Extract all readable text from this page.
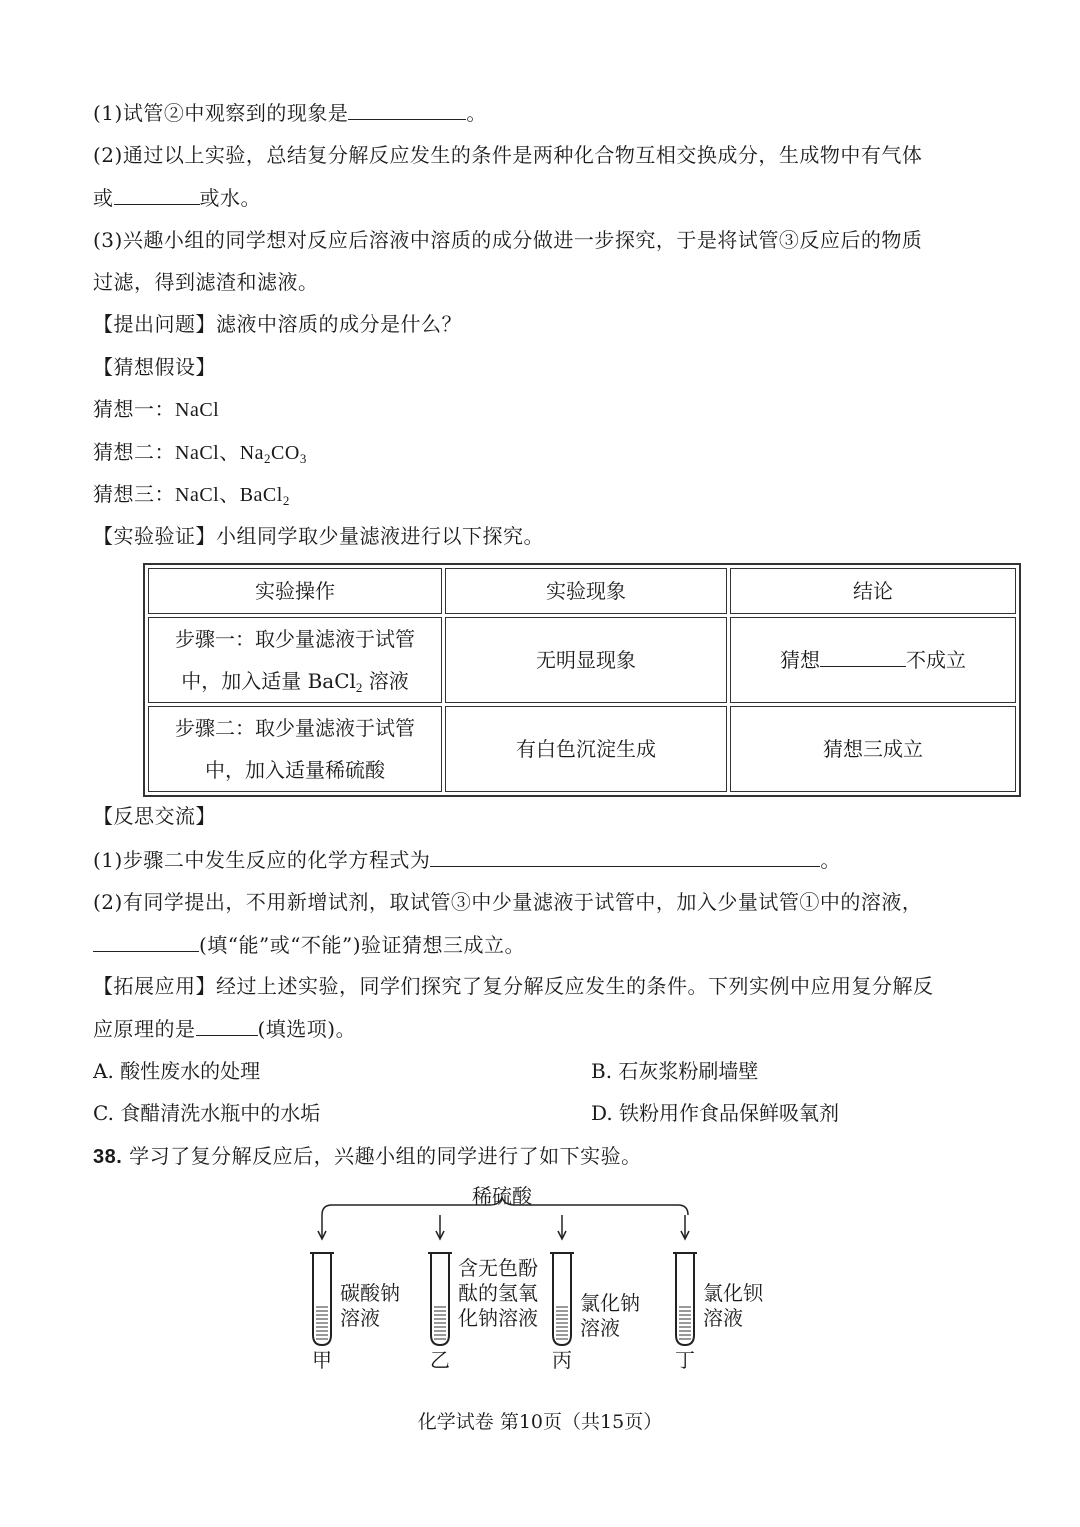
(1)试管②中观察到的现象是	。
(2)通过以上实验，总结复分解反应发生的条件是两种化合物互相交换成分，生成物中有气体
或	或水。
(3)兴趣小组的同学想对反应后溶液中溶质的成分做进一步探究，于是将试管③反应后的物质
过滤，得到滤渣和滤液。
【提出问题】滤液中溶质的成分是什么？
【猜想假设】
猜想一：NaCl
猜想二：NaCl、$Na_2CO_3$
猜想三：NaCl、BaCl$_2$
【实验验证】小组同学取少量滤液进行以下探究。
实验操作	实验现象	结论

步骤一：取少量滤液于试管
中，加入适量 BaCl$_2$ 溶液	无明显现象	猜想 不成立

步骤二：取少量滤液于试管
中，加入适量稀硫酸	有白色沉淀生成	猜想三成立
【反思交流】
(1)步骤二中发生反应的化学方程式为	。
(2)有同学提出，不用新增试剂，取试管③中少量滤液于试管中，加入少量试管①中的溶液，
(填“能”或“不能”)验证猜想三成立。
【拓展应用】经过上述实验，同学们探究了复分解反应发生的条件。下列实例中应用复分解反
应原理的是	(填选项)。
A. 酸性废水的处理	B. 石灰浆粉刷墙壁
C. 食醋清洗水瓶中的水垢	D. 铁粉用作食品保鲜吸氧剂
38. 学习了复分解反应后，兴趣小组的同学进行了如下实验。
稀硫酸
甲
碳酸钠
溶液
乙
含无色酚
酞的氢氧
化钠溶液
丙
氯化钠
溶液
丁
氯化钡
溶液
化学试卷 第10页（共15页）
